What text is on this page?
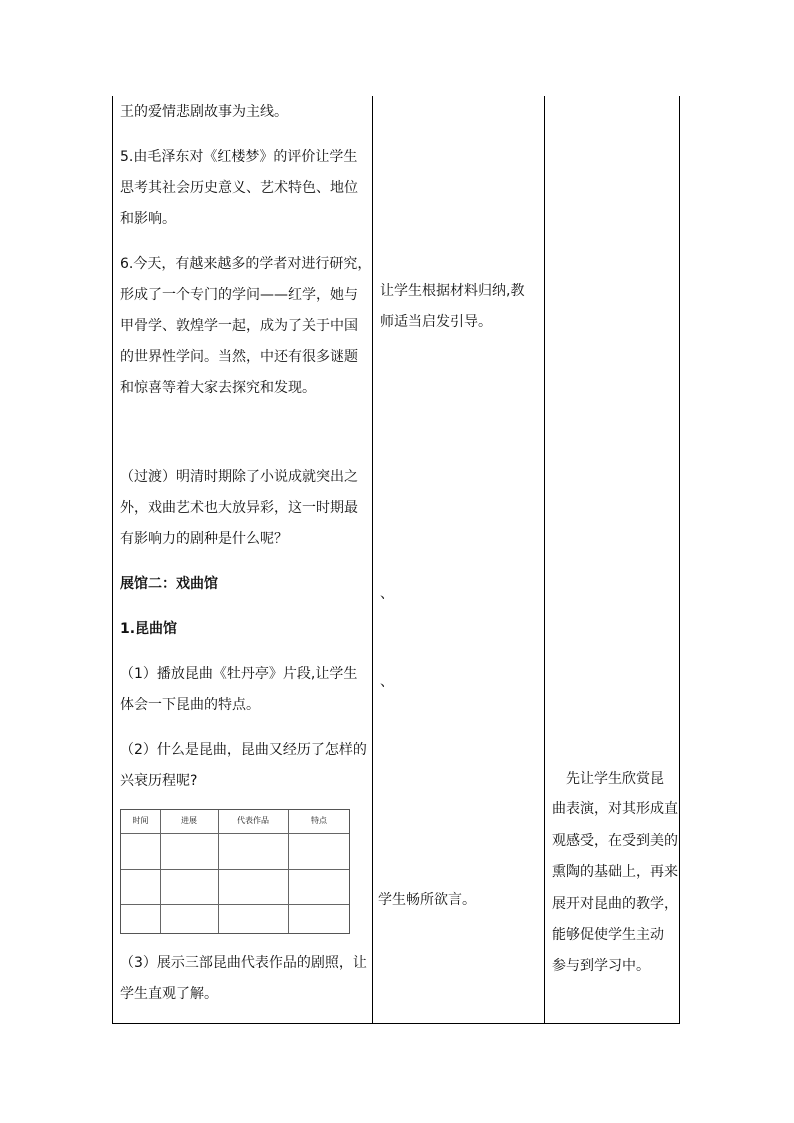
王的爱情悲剧故事为主线。
5.由毛泽东对《红楼梦》的评价让学生
思考其社会历史意义、艺术特色、地位
和影响。
6.今天，有越来越多的学者对进行研究，
形成了一个专门的学问——红学，她与
甲骨学、敦煌学一起，成为了关于中国
的世界性学问。当然，中还有很多谜题
和惊喜等着大家去探究和发现。
（过渡）明清时期除了小说成就突出之
外，戏曲艺术也大放异彩，这一时期最
有影响力的剧种是什么呢？
展馆二：戏曲馆
1.昆曲馆
（1）播放昆曲《牡丹亭》片段,让学生
体会一下昆曲的特点。
（2）什么是昆曲，昆曲又经历了怎样的
兴衰历程呢?
时间	进展	代表作品	特点
（3）展示三部昆曲代表作品的剧照，让
学生直观了解。
让学生根据材料归纳,教
师适当启发引导。
、
、
学生畅所欲言。
先让学生欣赏昆
曲表演，对其形成直
观感受，在受到美的
熏陶的基础上，再来
展开对昆曲的教学，
能够促使学生主动
参与到学习中。
